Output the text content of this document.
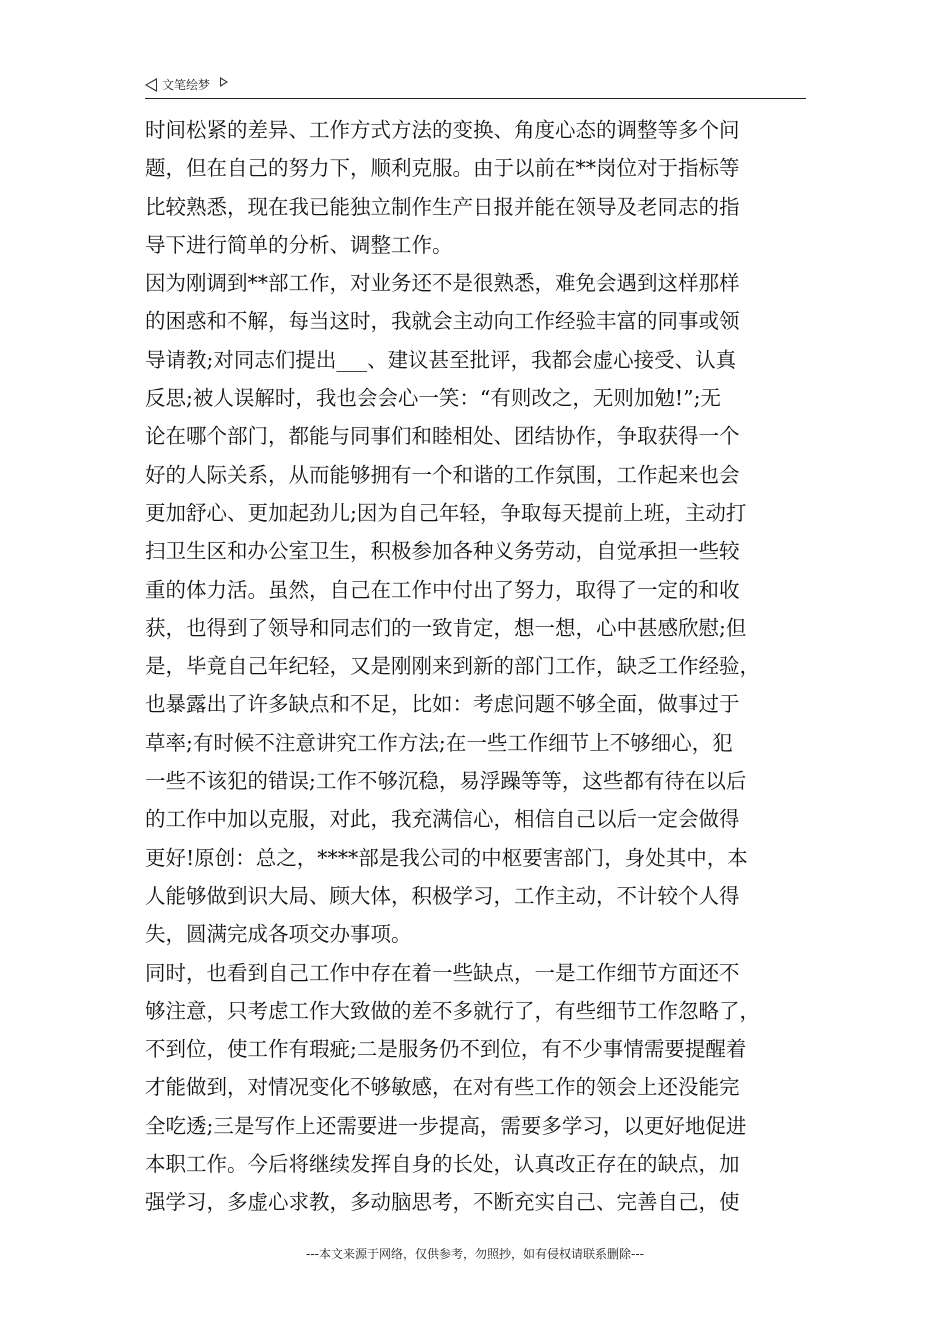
文笔绘梦
时间松紧的差异、工作方式方法的变换、角度心态的调整等多个问
题，但在自己的努力下，顺利克服。由于以前在**岗位对于指标等
比较熟悉，现在我已能独立制作生产日报并能在领导及老同志的指
导下进行简单的分析、调整工作。
因为刚调到**部工作，对业务还不是很熟悉，难免会遇到这样那样
的困惑和不解，每当这时，我就会主动向工作经验丰富的同事或领
导请教;对同志们提出___、建议甚至批评，我都会虚心接受、认真
反思;被人误解时，我也会会心一笑：“有则改之，无则加勉!”;无
论在哪个部门，都能与同事们和睦相处、团结协作，争取获得一个
好的人际关系，从而能够拥有一个和谐的工作氛围，工作起来也会
更加舒心、更加起劲儿;因为自己年轻，争取每天提前上班，主动打
扫卫生区和办公室卫生，积极参加各种义务劳动，自觉承担一些较
重的体力活。虽然，自己在工作中付出了努力，取得了一定的和收
获，也得到了领导和同志们的一致肯定，想一想，心中甚感欣慰;但
是，毕竟自己年纪轻，又是刚刚来到新的部门工作，缺乏工作经验，
也暴露出了许多缺点和不足，比如：考虑问题不够全面，做事过于
草率;有时候不注意讲究工作方法;在一些工作细节上不够细心，犯
一些不该犯的错误;工作不够沉稳，易浮躁等等，这些都有待在以后
的工作中加以克服，对此，我充满信心，相信自己以后一定会做得
更好!原创：总之，****部是我公司的中枢要害部门，身处其中，本
人能够做到识大局、顾大体，积极学习，工作主动，不计较个人得
失，圆满完成各项交办事项。
同时，也看到自己工作中存在着一些缺点，一是工作细节方面还不
够注意，只考虑工作大致做的差不多就行了，有些细节工作忽略了，
不到位，使工作有瑕疵;二是服务仍不到位，有不少事情需要提醒着
才能做到，对情况变化不够敏感，在对有些工作的领会上还没能完
全吃透;三是写作上还需要进一步提高，需要多学习，以更好地促进
本职工作。今后将继续发挥自身的长处，认真改正存在的缺点，加
强学习，多虚心求教，多动脑思考，不断充实自己、完善自己，使
---本文来源于网络，仅供参考，勿照抄，如有侵权请联系删除---
